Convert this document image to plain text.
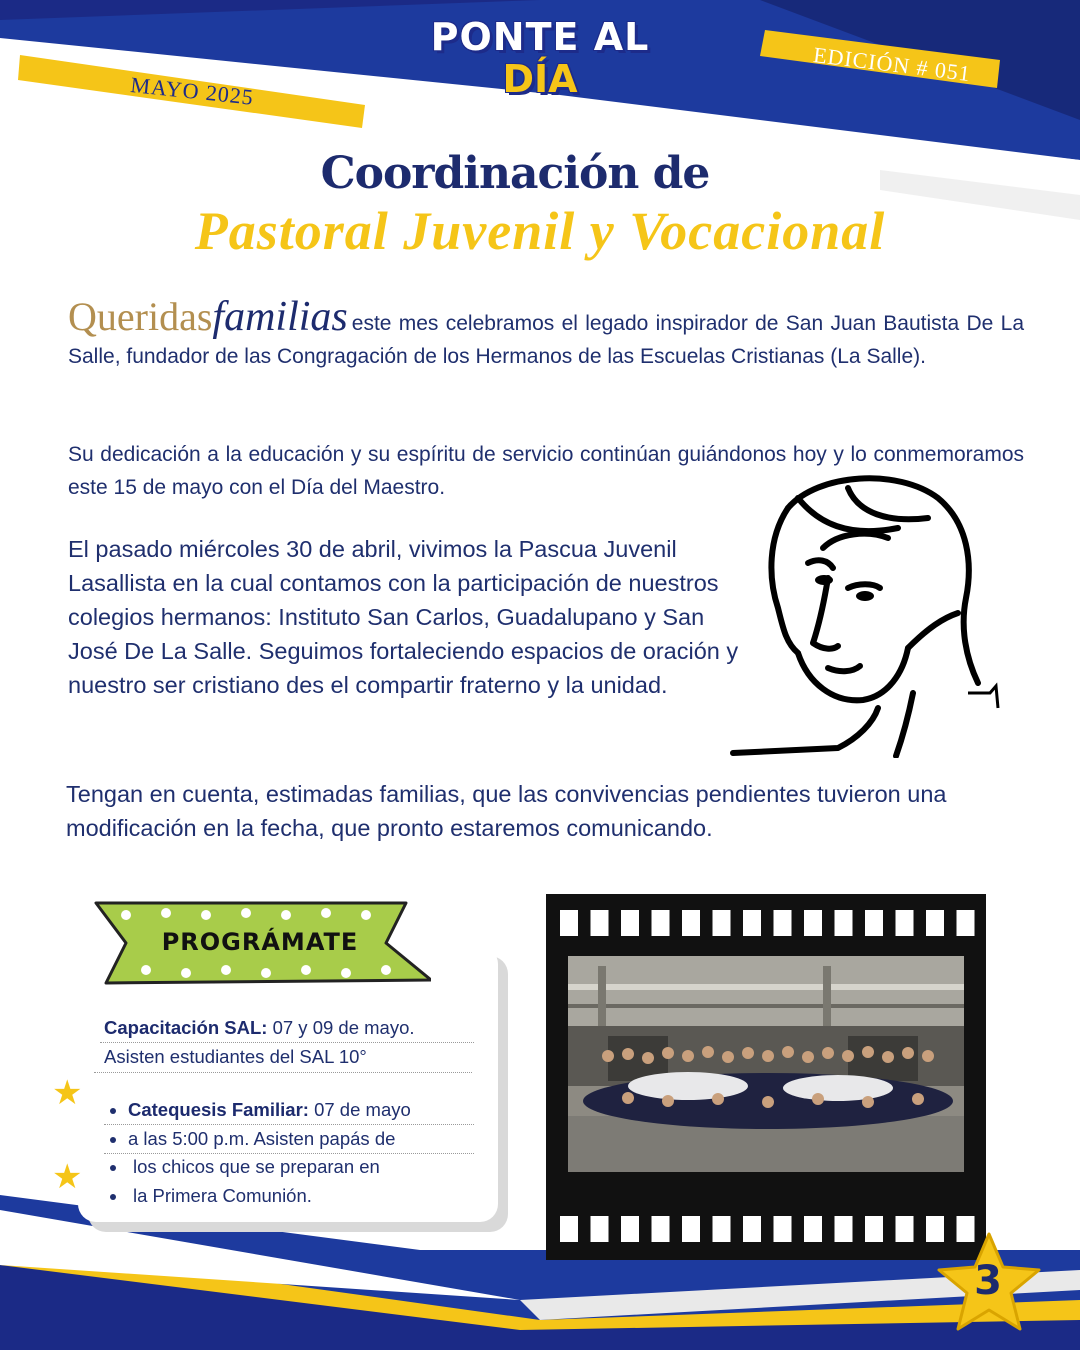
PONTE AL
DÍA
MAYO 2025
EDICIÓN # 051
Coordinación de
Pastoral Juvenil y Vocacional
Queridasfamilias este mes celebramos el legado inspirador de San Juan Bautista De La Salle, fundador de las Congragación de los Hermanos de las Escuelas Cristianas (La Salle).
Su dedicación a la educación y su espíritu de servicio continúan guiándonos hoy y lo conmemoramos este 15 de mayo con el Día del Maestro.
El pasado miércoles 30 de abril, vivimos la Pascua Juvenil Lasallista en la cual contamos con la participación de nuestros colegios hermanos: Instituto San Carlos, Guadalupano y San José De La Salle. Seguimos fortaleciendo espacios de oración y nuestro ser cristiano des el compartir fraterno y la unidad.
Tengan en cuenta, estimadas familias, que las convivencias pendientes tuvieron una modificación en la fecha, que pronto estaremos comunicando.
PROGRÁMATE
Capacitación SAL: 07 y 09 de mayo.
Asisten estudiantes del SAL 10°
★
★
Catequesis Familiar: 07 de mayo
a las 5:00 p.m. Asisten papás de
los chicos que se preparan en
la Primera Comunión.
3
